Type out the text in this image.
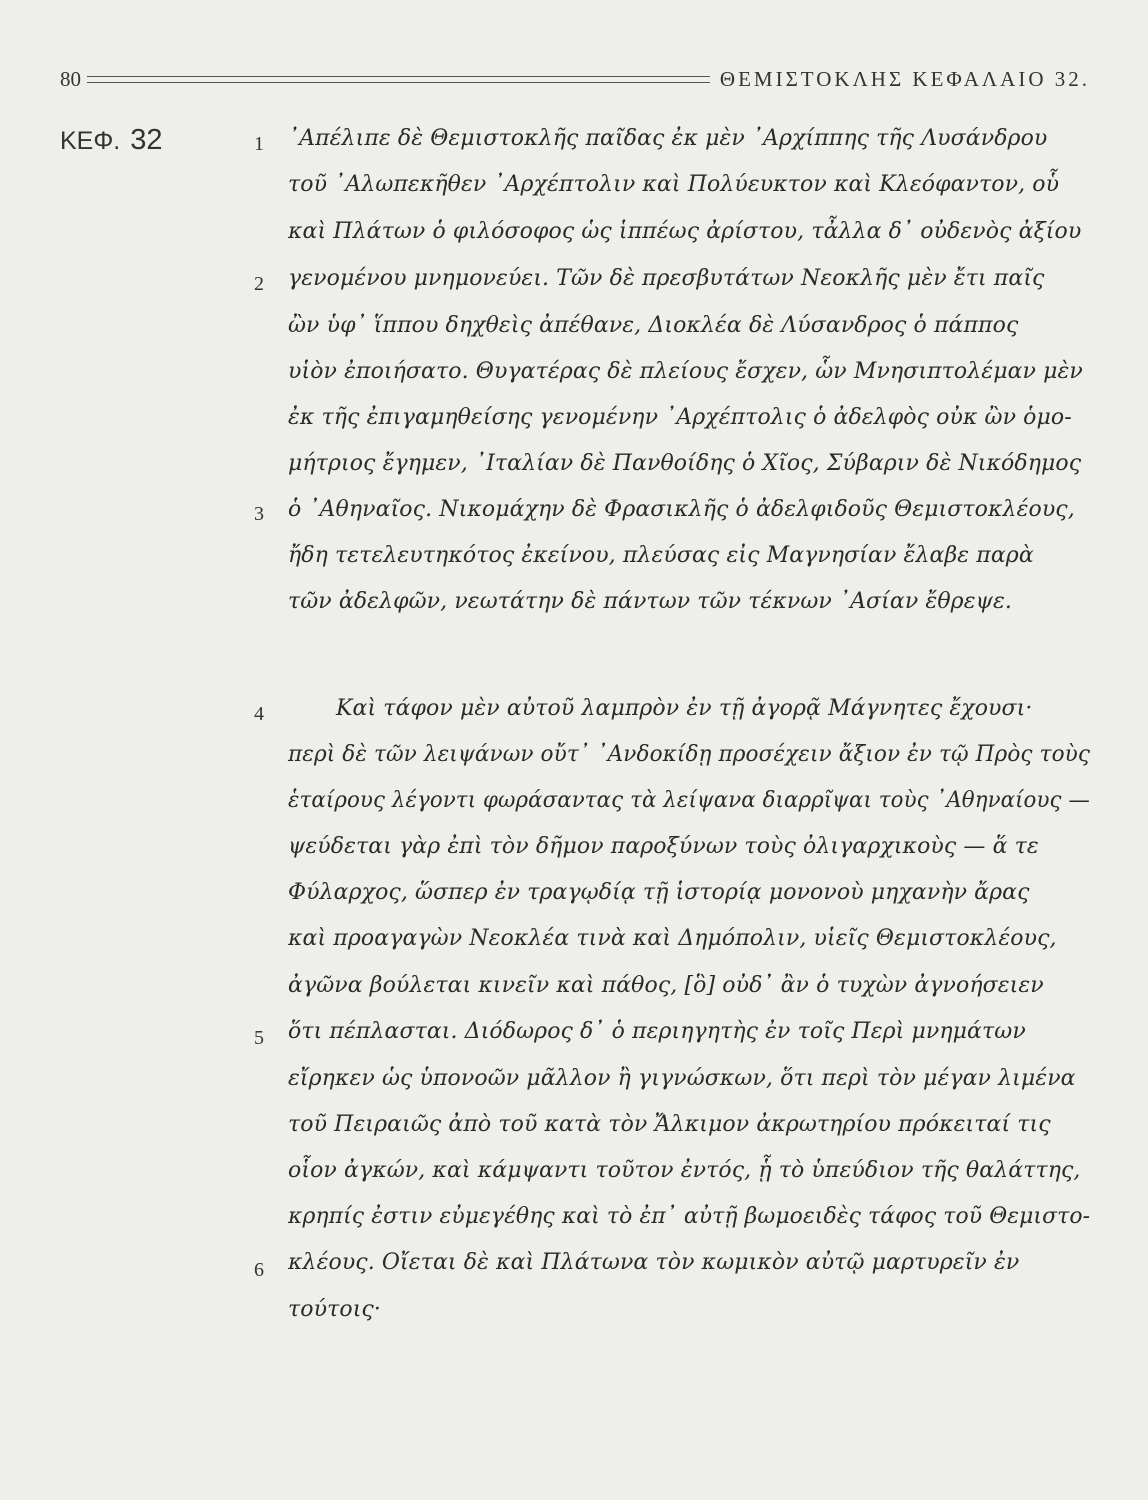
80	ΘΕΜΙΣΤΟΚΛΗΣ ΚΕΦΑΛΑΙΟ 32.
ΚΕΦ. 32	1
2
3
4
5
6
᾿Απέλιπε δὲ Θεμιστοκλῆς παῖδας ἐκ μὲν ᾿Αρχίππης τῆς Λυσάνδρου
τοῦ ᾿Αλωπεκῆθεν ᾿Αρχέπτολιν καὶ Πολύευκτον καὶ Κλεόφαντον, οὗ
καὶ Πλάτων ὁ φιλόσοφος ὡς ἱππέως ἀρίστου, τἆλλα δ᾿ οὐδενὸς ἀξίου
γενομένου μνημονεύει. Τῶν δὲ πρεσβυτάτων Νεοκλῆς μὲν ἔτι παῖς
ὢν ὑφ᾿ ἵππου δηχθεὶς ἀπέθανε, Διοκλέα δὲ Λύσανδρος ὁ πάππος
υἱὸν ἐποιήσατο. Θυγατέρας δὲ πλείους ἔσχεν, ὧν Μνησιπτολέμαν μὲν
ἐκ τῆς ἐπιγαμηθείσης γενομένην ᾿Αρχέπτολις ὁ ἀδελφὸς οὐκ ὢν ὁμο-
μήτριος ἔγημεν, ᾿Ιταλίαν δὲ Πανθοίδης ὁ Χῖος, Σύβαριν δὲ Νικόδημος
ὁ ᾿Αθηναῖος. Νικομάχην δὲ Φρασικλῆς ὁ ἀδελφιδοῦς Θεμιστοκλέους,
ἤδη τετελευτηκότος ἐκείνου, πλεύσας εἰς Μαγνησίαν ἔλαβε παρὰ
τῶν ἀδελφῶν, νεωτάτην δὲ πάντων τῶν τέκνων ᾿Ασίαν ἔθρεψε.
Καὶ τάφον μὲν αὐτοῦ λαμπρὸν ἐν τῇ ἀγορᾷ Μάγνητες ἔχουσι·
περὶ δὲ τῶν λειψάνων οὔτ᾿ ᾿Ανδοκίδῃ προσέχειν ἄξιον ἐν τῷ Πρὸς τοὺς
ἑταίρους λέγοντι φωράσαντας τὰ λείψανα διαρρῖψαι τοὺς ᾿Αθηναίους —
ψεύδεται γὰρ ἐπὶ τὸν δῆμον παροξύνων τοὺς ὀλιγαρχικοὺς — ἅ τε
Φύλαρχος, ὥσπερ ἐν τραγῳδίᾳ τῇ ἱστορίᾳ μονονοὺ μηχανὴν ἄρας
καὶ προαγαγὼν Νεοκλέα τινὰ καὶ Δημόπολιν, υἱεῖς Θεμιστοκλέους,
ἀγῶνα βούλεται κινεῖν καὶ πάθος, [ὃ] οὐδ᾿ ἂν ὁ τυχὼν ἀγνοήσειεν
ὅτι πέπλασται. Διόδωρος δ᾿ ὁ περιηγητὴς ἐν τοῖς Περὶ μνημάτων
εἴρηκεν ὡς ὑπονοῶν μᾶλλον ἢ γιγνώσκων, ὅτι περὶ τὸν μέγαν λιμένα
τοῦ Πειραιῶς ἀπὸ τοῦ κατὰ τὸν Ἄλκιμον ἀκρωτηρίου πρόκειταί τις
οἷον ἀγκών, καὶ κάμψαντι τοῦτον ἐντός, ᾗ τὸ ὑπεύδιον τῆς θαλάττης,
κρηπίς ἐστιν εὐμεγέθης καὶ τὸ ἐπ᾿ αὐτῇ βωμοειδὲς τάφος τοῦ Θεμιστο-
κλέους. Οἴεται δὲ καὶ Πλάτωνα τὸν κωμικὸν αὐτῷ μαρτυρεῖν ἐν
τούτοις·
